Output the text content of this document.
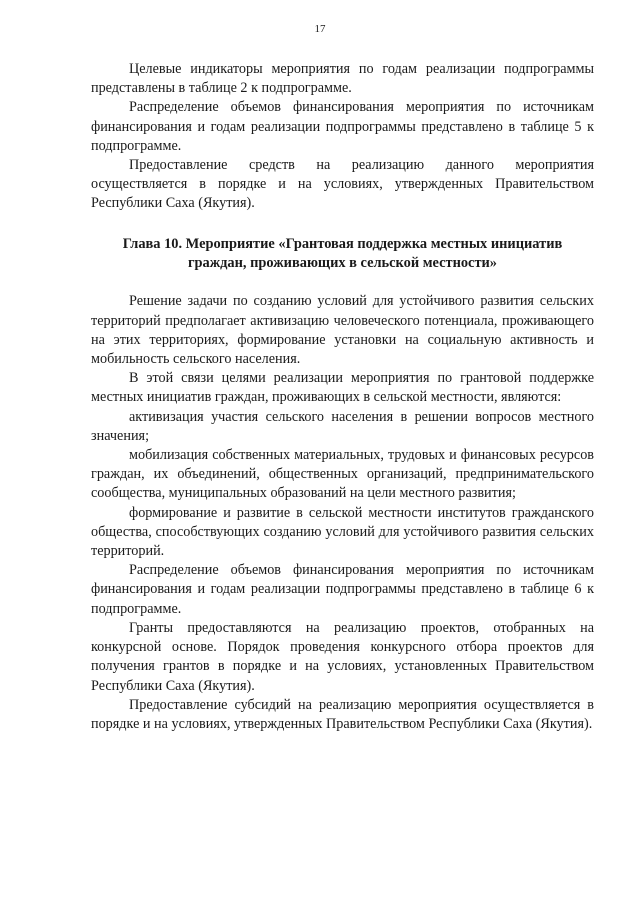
17

Целевые индикаторы мероприятия по годам реализации подпрограммы представлены в таблице 2 к подпрограмме.

Распределение объемов финансирования мероприятия по источникам финансирования и годам реализации подпрограммы представлено в таблице 5 к подпрограмме.

Предоставление средств на реализацию данного мероприятия осуществляется в порядке и на условиях, утвержденных Правительством Республики Саха (Якутия).

Глава 10. Мероприятие «Грантовая поддержка местных инициатив граждан, проживающих в сельской местности»

Решение задачи по созданию условий для устойчивого развития сельских территорий предполагает активизацию человеческого потенциала, проживающего на этих территориях, формирование установки на социальную активность и мобильность сельского населения.

В этой связи целями реализации мероприятия по грантовой поддержке местных инициатив граждан, проживающих в сельской местности, являются:

активизация участия сельского населения в решении вопросов местного значения;

мобилизация собственных материальных, трудовых и финансовых ресурсов граждан, их объединений, общественных организаций, предпринимательского сообщества, муниципальных образований на цели местного развития;

формирование и развитие в сельской местности институтов гражданского общества, способствующих созданию условий для устойчивого развития сельских территорий.

Распределение объемов финансирования мероприятия по источникам финансирования и годам реализации подпрограммы представлено в таблице 6 к подпрограмме.

Гранты предоставляются на реализацию проектов, отобранных на конкурсной основе. Порядок проведения конкурсного отбора проектов для получения грантов в порядке и на условиях, установленных Правительством Республики Саха (Якутия).

Предоставление субсидий на реализацию мероприятия осуществляется в порядке и на условиях, утвержденных Правительством Республики Саха (Якутия).
